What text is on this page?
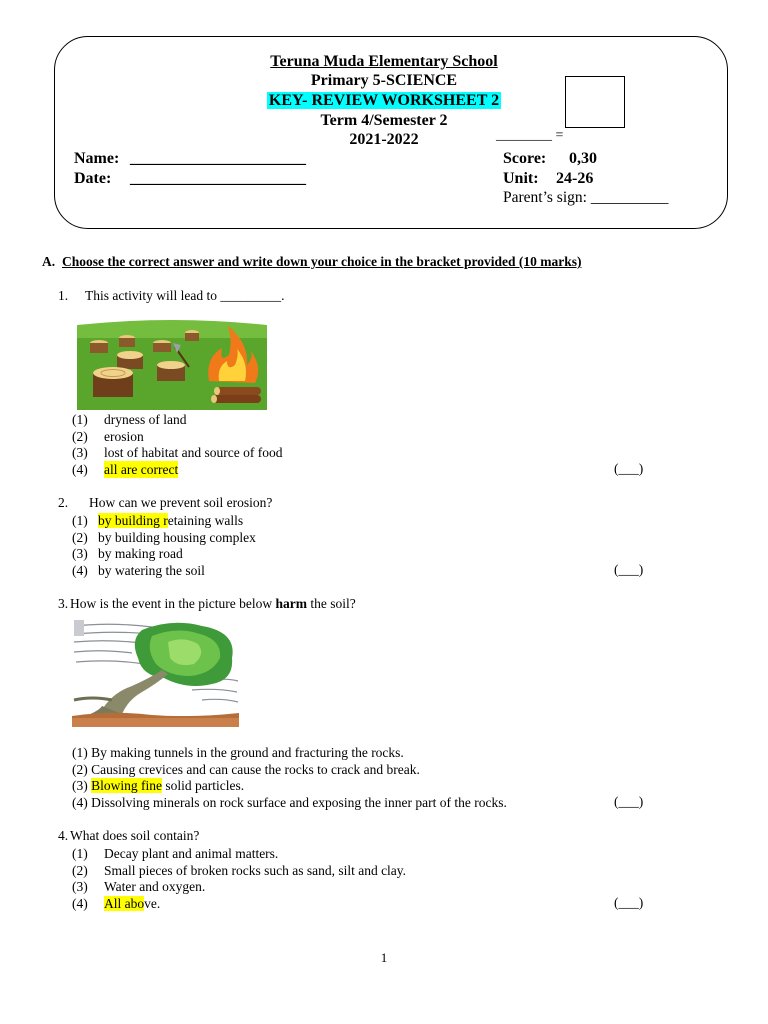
Teruna Muda Elementary School
Primary 5-SCIENCE
KEY- REVIEW WORKSHEET 2
Term 4/Semester 2
2021-2022
Name: ______________________
Date: ______________________
________ =
Score: 0,30
Unit: 24-26
Parent’s sign: __________
A. Choose the correct answer and write down your choice in the bracket provided (10 marks)
1. This activity will lead to _________.
(1) dryness of land
(2) erosion
(3) lost of habitat and source of food
(4) all are correct	(___)
2. How can we prevent soil erosion?
(1) by building retaining walls
(2) by building housing complex
(3) by making road
(4) by watering the soil	(___)
3. How is the event in the picture below harm the soil?
(1) By making tunnels in the ground and fracturing the rocks.
(2) Causing crevices and can cause the rocks to crack and break.
(3) Blowing fine solid particles.
(4) Dissolving minerals on rock surface and exposing the inner part of the rocks.	(___)
4. What does soil contain?
(1) Decay plant and animal matters.
(2) Small pieces of broken rocks such as sand, silt and clay.
(3) Water and oxygen.
(4) All above.	(___)
1
